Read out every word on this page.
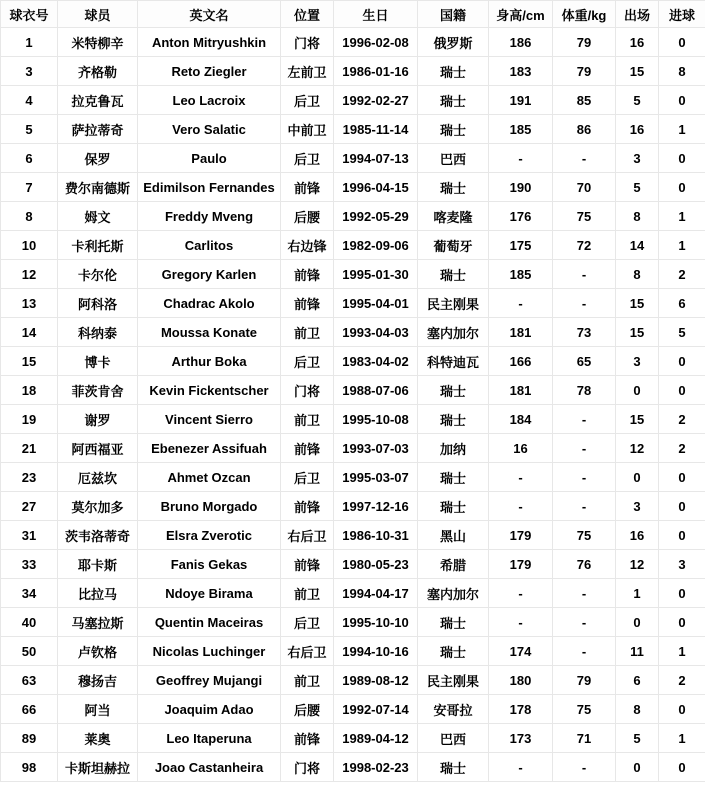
球衣号	球员	英文名	位置	生日	国籍	身高/cm	体重/kg	出场	进球
1	米特柳辛	Anton Mitryushkin	门将	1996-02-08	俄罗斯	186	79	16	0
3	齐格勒	Reto Ziegler	左前卫	1986-01-16	瑞士	183	79	15	8
4	拉克鲁瓦	Leo Lacroix	后卫	1992-02-27	瑞士	191	85	5	0
5	萨拉蒂奇	Vero Salatic	中前卫	1985-11-14	瑞士	185	86	16	1
6	保罗	Paulo	后卫	1994-07-13	巴西	-	-	3	0
7	费尔南德斯	Edimilson Fernandes	前锋	1996-04-15	瑞士	190	70	5	0
8	姆文	Freddy Mveng	后腰	1992-05-29	喀麦隆	176	75	8	1
10	卡利托斯	Carlitos	右边锋	1982-09-06	葡萄牙	175	72	14	1
12	卡尔伦	Gregory Karlen	前锋	1995-01-30	瑞士	185	-	8	2
13	阿科洛	Chadrac Akolo	前锋	1995-04-01	民主刚果	-	-	15	6
14	科纳泰	Moussa Konate	前卫	1993-04-03	塞内加尔	181	73	15	5
15	博卡	Arthur Boka	后卫	1983-04-02	科特迪瓦	166	65	3	0
18	菲茨肯舍	Kevin Fickentscher	门将	1988-07-06	瑞士	181	78	0	0
19	谢罗	Vincent Sierro	前卫	1995-10-08	瑞士	184	-	15	2
21	阿西福亚	Ebenezer Assifuah	前锋	1993-07-03	加纳	16	-	12	2
23	厄兹坎	Ahmet Ozcan	后卫	1995-03-07	瑞士	-	-	0	0
27	莫尔加多	Bruno Morgado	前锋	1997-12-16	瑞士	-	-	3	0
31	茨韦洛蒂奇	Elsra Zverotic	右后卫	1986-10-31	黑山	179	75	16	0
33	耶卡斯	Fanis Gekas	前锋	1980-05-23	希腊	179	76	12	3
34	比拉马	Ndoye Birama	前卫	1994-04-17	塞内加尔	-	-	1	0
40	马塞拉斯	Quentin Maceiras	后卫	1995-10-10	瑞士	-	-	0	0
50	卢钦格	Nicolas Luchinger	右后卫	1994-10-16	瑞士	174	-	11	1
63	穆扬吉	Geoffrey Mujangi	前卫	1989-08-12	民主刚果	180	79	6	2
66	阿当	Joaquim Adao	后腰	1992-07-14	安哥拉	178	75	8	0
89	莱奥	Leo Itaperuna	前锋	1989-04-12	巴西	173	71	5	1
98	卡斯坦赫拉	Joao Castanheira	门将	1998-02-23	瑞士	-	-	0	0
